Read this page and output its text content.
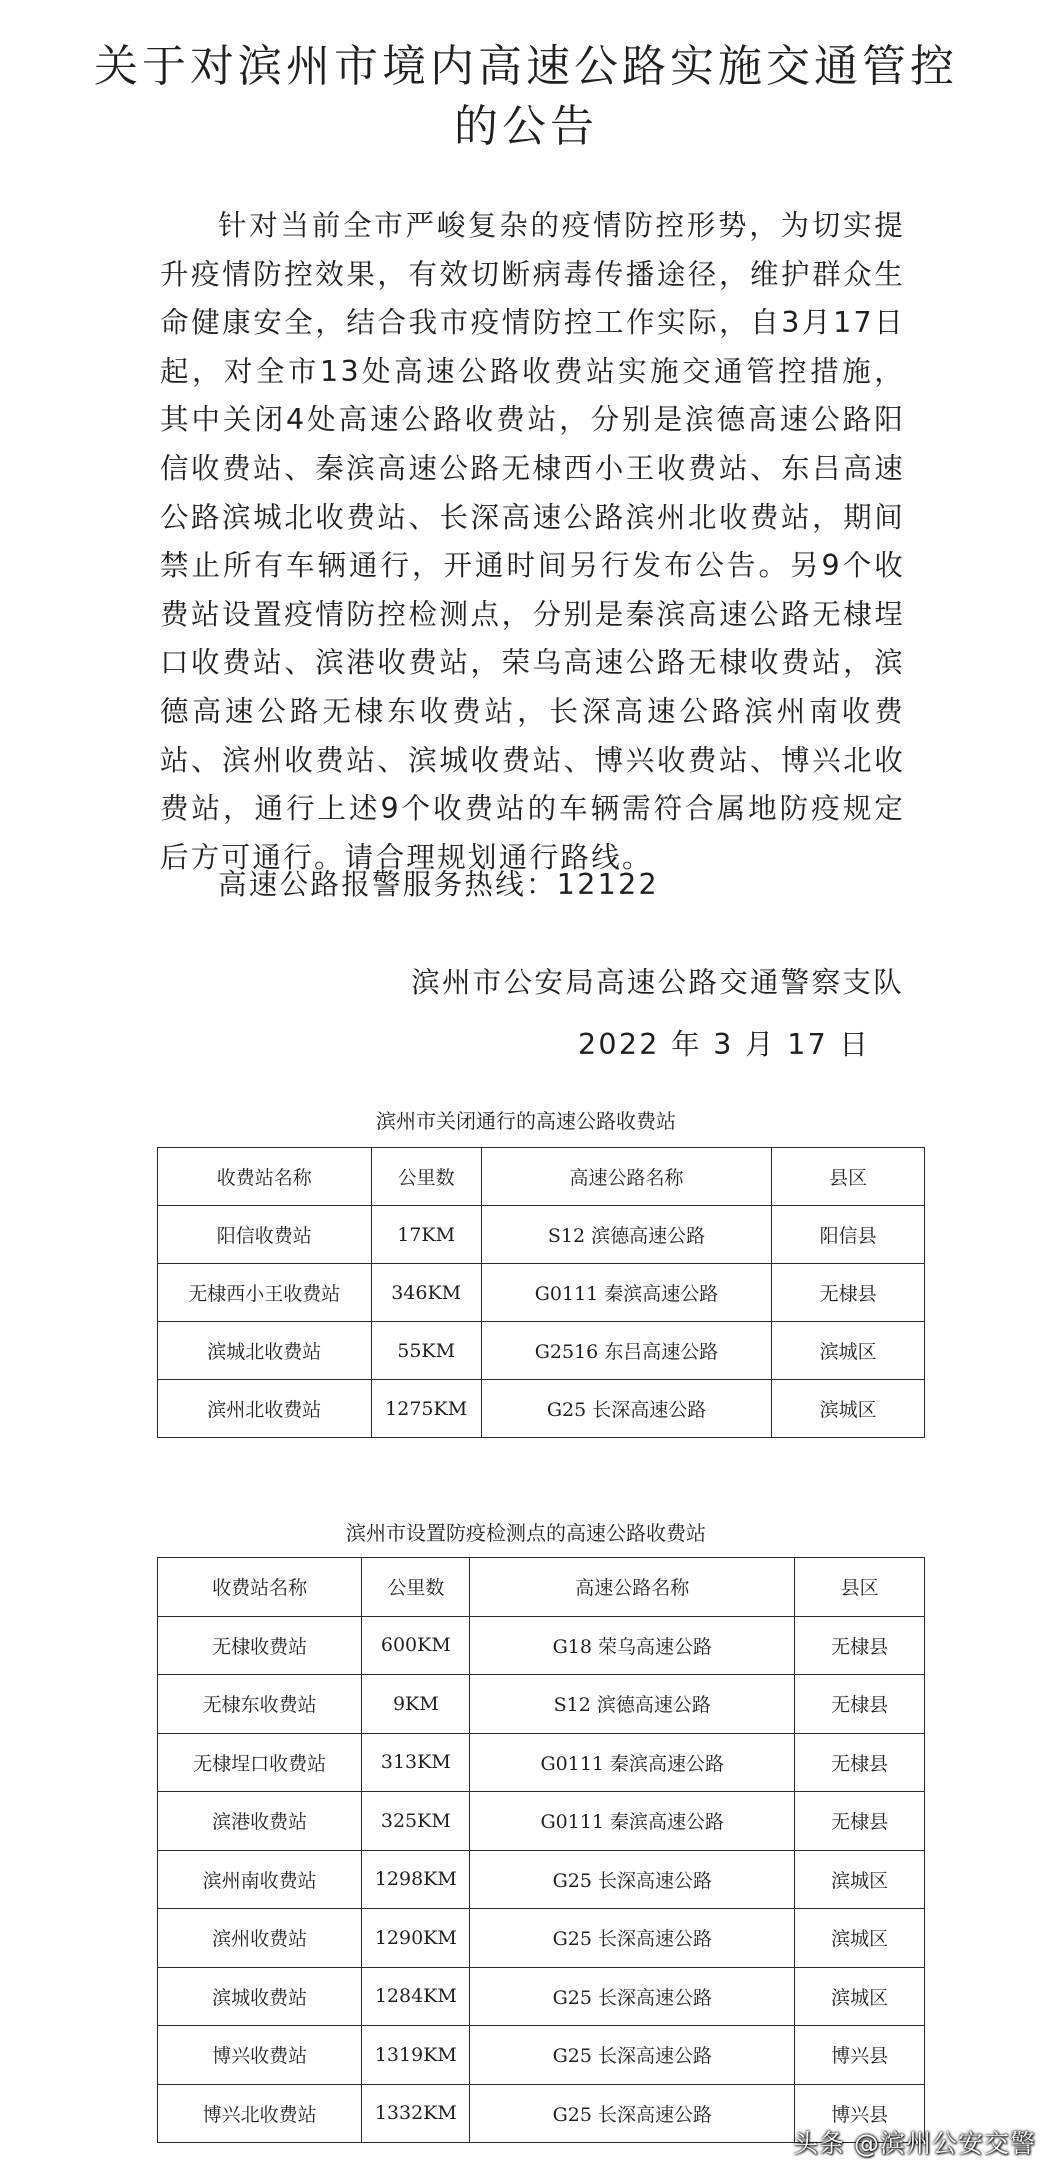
关于对滨州市境内高速公路实施交通管控
的公告

针对当前全市严峻复杂的疫情防控形势，为切实提升疫情防控效果，有效切断病毒传播途径，维护群众生命健康安全，结合我市疫情防控工作实际，自3月17日起，对全市13处高速公路收费站实施交通管控措施，其中关闭4处高速公路收费站，分别是滨德高速公路阳信收费站、秦滨高速公路无棣西小王收费站、东吕高速公路滨城北收费站、长深高速公路滨州北收费站，期间禁止所有车辆通行，开通时间另行发布公告。另9个收费站设置疫情防控检测点，分别是秦滨高速公路无棣埕口收费站、滨港收费站，荣乌高速公路无棣收费站，滨德高速公路无棣东收费站，长深高速公路滨州南收费站、滨州收费站、滨城收费站、博兴收费站、博兴北收费站，通行上述9个收费站的车辆需符合属地防疫规定后方可通行。请合理规划通行路线。

高速公路报警服务热线：12122

滨州市公安局高速公路交通警察支队

2022 年 3 月 17 日

滨州市关闭通行的高速公路收费站

收费站名称	公里数	高速公路名称	县区
阳信收费站	17KM	S12 滨德高速公路	阳信县
无棣西小王收费站	346KM	G0111 秦滨高速公路	无棣县
滨城北收费站	55KM	G2516 东吕高速公路	滨城区
滨州北收费站	1275KM	G25 长深高速公路	滨城区

滨州市设置防疫检测点的高速公路收费站

收费站名称	公里数	高速公路名称	县区
无棣收费站	600KM	G18 荣乌高速公路	无棣县
无棣东收费站	9KM	S12 滨德高速公路	无棣县
无棣埕口收费站	313KM	G0111 秦滨高速公路	无棣县
滨港收费站	325KM	G0111 秦滨高速公路	无棣县
滨州南收费站	1298KM	G25 长深高速公路	滨城区
滨州收费站	1290KM	G25 长深高速公路	滨城区
滨城收费站	1284KM	G25 长深高速公路	滨城区
博兴收费站	1319KM	G25 长深高速公路	博兴县
博兴北收费站	1332KM	G25 长深高速公路	博兴县

头条 @滨州公安交警
